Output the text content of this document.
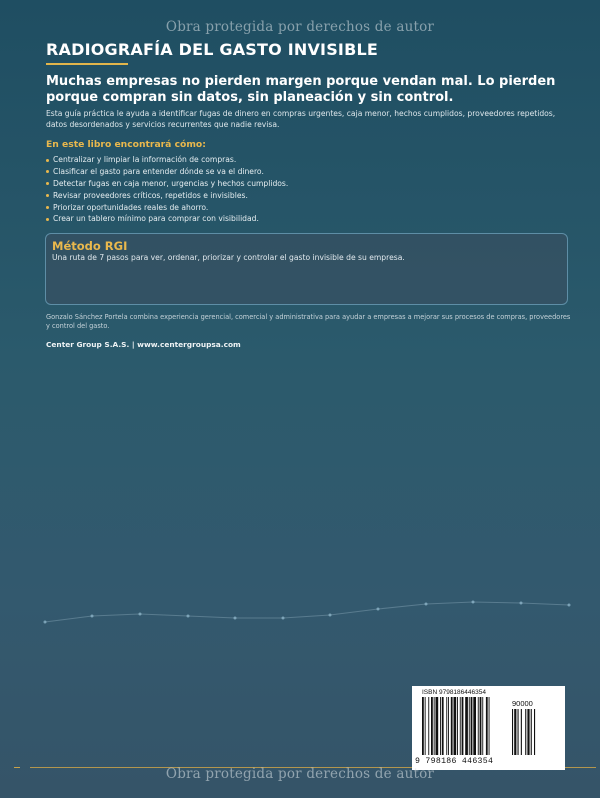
Obra protegida por derechos de autor
RADIOGRAFÍA DEL GASTO INVISIBLE
Muchas empresas no pierden margen porque vendan mal. Lo pierden porque compran sin datos, sin planeación y sin control.
Esta guía práctica le ayuda a identificar fugas de dinero en compras urgentes, caja menor, hechos cumplidos, proveedores repetidos, datos desordenados y servicios recurrentes que nadie revisa.
En este libro encontrará cómo:
Centralizar y limpiar la información de compras.
Clasificar el gasto para entender dónde se va el dinero.
Detectar fugas en caja menor, urgencias y hechos cumplidos.
Revisar proveedores críticos, repetidos e invisibles.
Priorizar oportunidades reales de ahorro.
Crear un tablero mínimo para comprar con visibilidad.
Método RGI
Una ruta de 7 pasos para ver, ordenar, priorizar y controlar el gasto invisible de su empresa.
Gonzalo Sánchez Portela combina experiencia gerencial, comercial y administrativa para ayudar a empresas a mejorar sus procesos de compras, proveedores y control del gasto.
Center Group S.A.S. | www.centergroupsa.com
ISBN 9798186446354
90000
9 798186 446354
Obra protegida por derechos de autor
